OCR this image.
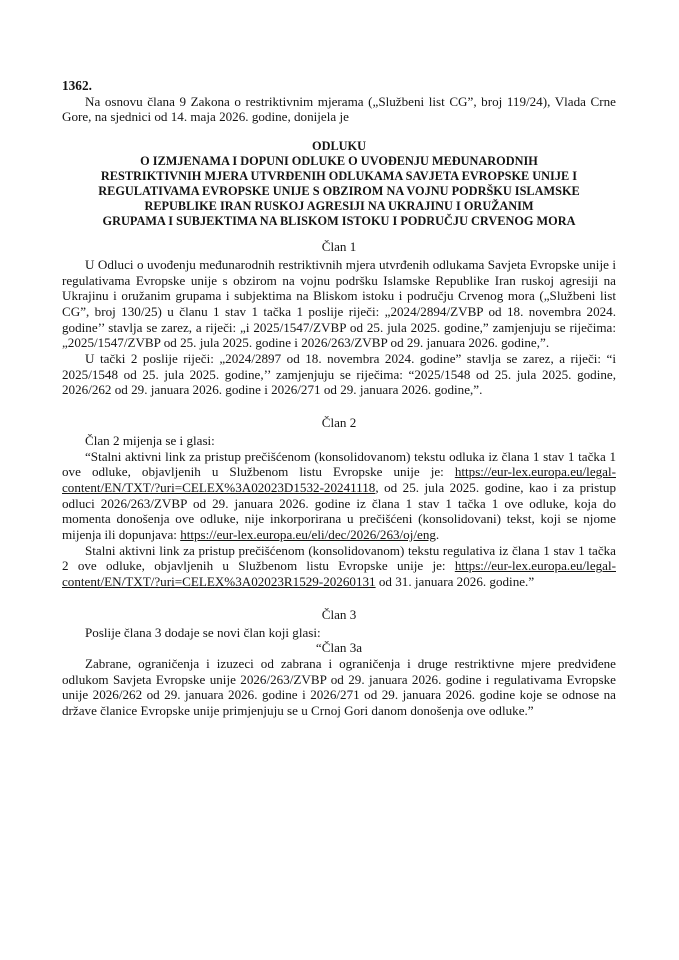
1362.

Na osnovu člana 9 Zakona o restriktivnim mjerama („Službeni list CG”, broj 119/24), Vlada Crne Gore, na sjednici od 14. maja 2026. godine, donijela je

ODLUKU
O IZMJENAMA I DOPUNI ODLUKE O UVOĐENJU MEĐUNARODNIH
RESTRIKTIVNIH MJERA UTVRĐENIH ODLUKAMA SAVJETA EVROPSKE UNIJE I
REGULATIVAMA EVROPSKE UNIJE S OBZIROM NA VOJNU PODRŠKU ISLAMSKE
REPUBLIKE IRAN RUSKOJ AGRESIJI NA UKRAJINU I ORUŽANIM
GRUPAMA I SUBJEKTIMA NA BLISKOM ISTOKU I PODRUČJU CRVENOG MORA
Član 1

U Odluci o uvođenju međunarodnih restriktivnih mjera utvrđenih odlukama Savjeta Evropske unije i regulativama Evropske unije s obzirom na vojnu podršku Islamske Republike Iran ruskoj agresiji na Ukrajinu i oružanim grupama i subjektima na Bliskom istoku i području Crvenog mora („Službeni list CG”, broj 130/25) u članu 1 stav 1 tačka 1 poslije riječi: „2024/2894/ZVBP od 18. novembra 2024. godine’’ stavlja se zarez, a riječi: „i 2025/1547/ZVBP od 25. jula 2025. godine,” zamjenjuju se riječima: „2025/1547/ZVBP od 25. jula 2025. godine i 2026/263/ZVBP od 29. januara 2026. godine,”.

U tački 2 poslije riječi: „2024/2897 od 18. novembra 2024. godine” stavlja se zarez, a riječi: “i 2025/1548 od 25. jula 2025. godine,’’ zamjenjuju se riječima: “2025/1548 od 25. jula 2025. godine, 2026/262 od 29. januara 2026. godine i 2026/271 od 29. januara 2026. godine,”.

Član 2

Član 2 mijenja se i glasi:

“Stalni aktivni link za pristup prečišćenom (konsolidovanom) tekstu odluka iz člana 1 stav 1 tačka 1 ove odluke, objavljenih u Službenom listu Evropske unije je: https://eur-lex.europa.eu/legal-content/EN/TXT/?uri=CELEX%3A02023D1532-20241118, od 25. jula 2025. godine, kao i za pristup odluci 2026/263/ZVBP od 29. januara 2026. godine iz člana 1 stav 1 tačka 1 ove odluke, koja do momenta donošenja ove odluke, nije inkorporirana u prečišćeni (konsolidovani) tekst, koji se njome mijenja ili dopunjava: https://eur-lex.europa.eu/eli/dec/2026/263/oj/eng.

Stalni aktivni link za pristup prečišćenom (konsolidovanom) tekstu regulativa iz člana 1 stav 1 tačka 2 ove odluke, objavljenih u Službenom listu Evropske unije je: https://eur-lex.europa.eu/legal-content/EN/TXT/?uri=CELEX%3A02023R1529-20260131 od 31. januara 2026. godine.”

Član 3

Poslije člana 3 dodaje se novi član koji glasi:

“Član 3a

Zabrane, ograničenja i izuzeci od zabrana i ograničenja i druge restriktivne mjere predviđene odlukom Savjeta Evropske unije 2026/263/ZVBP od 29. januara 2026. godine i regulativama Evropske unije 2026/262 od 29. januara 2026. godine i 2026/271 od 29. januara 2026. godine koje se odnose na države članice Evropske unije primjenjuju se u Crnoj Gori danom donošenja ove odluke.”
